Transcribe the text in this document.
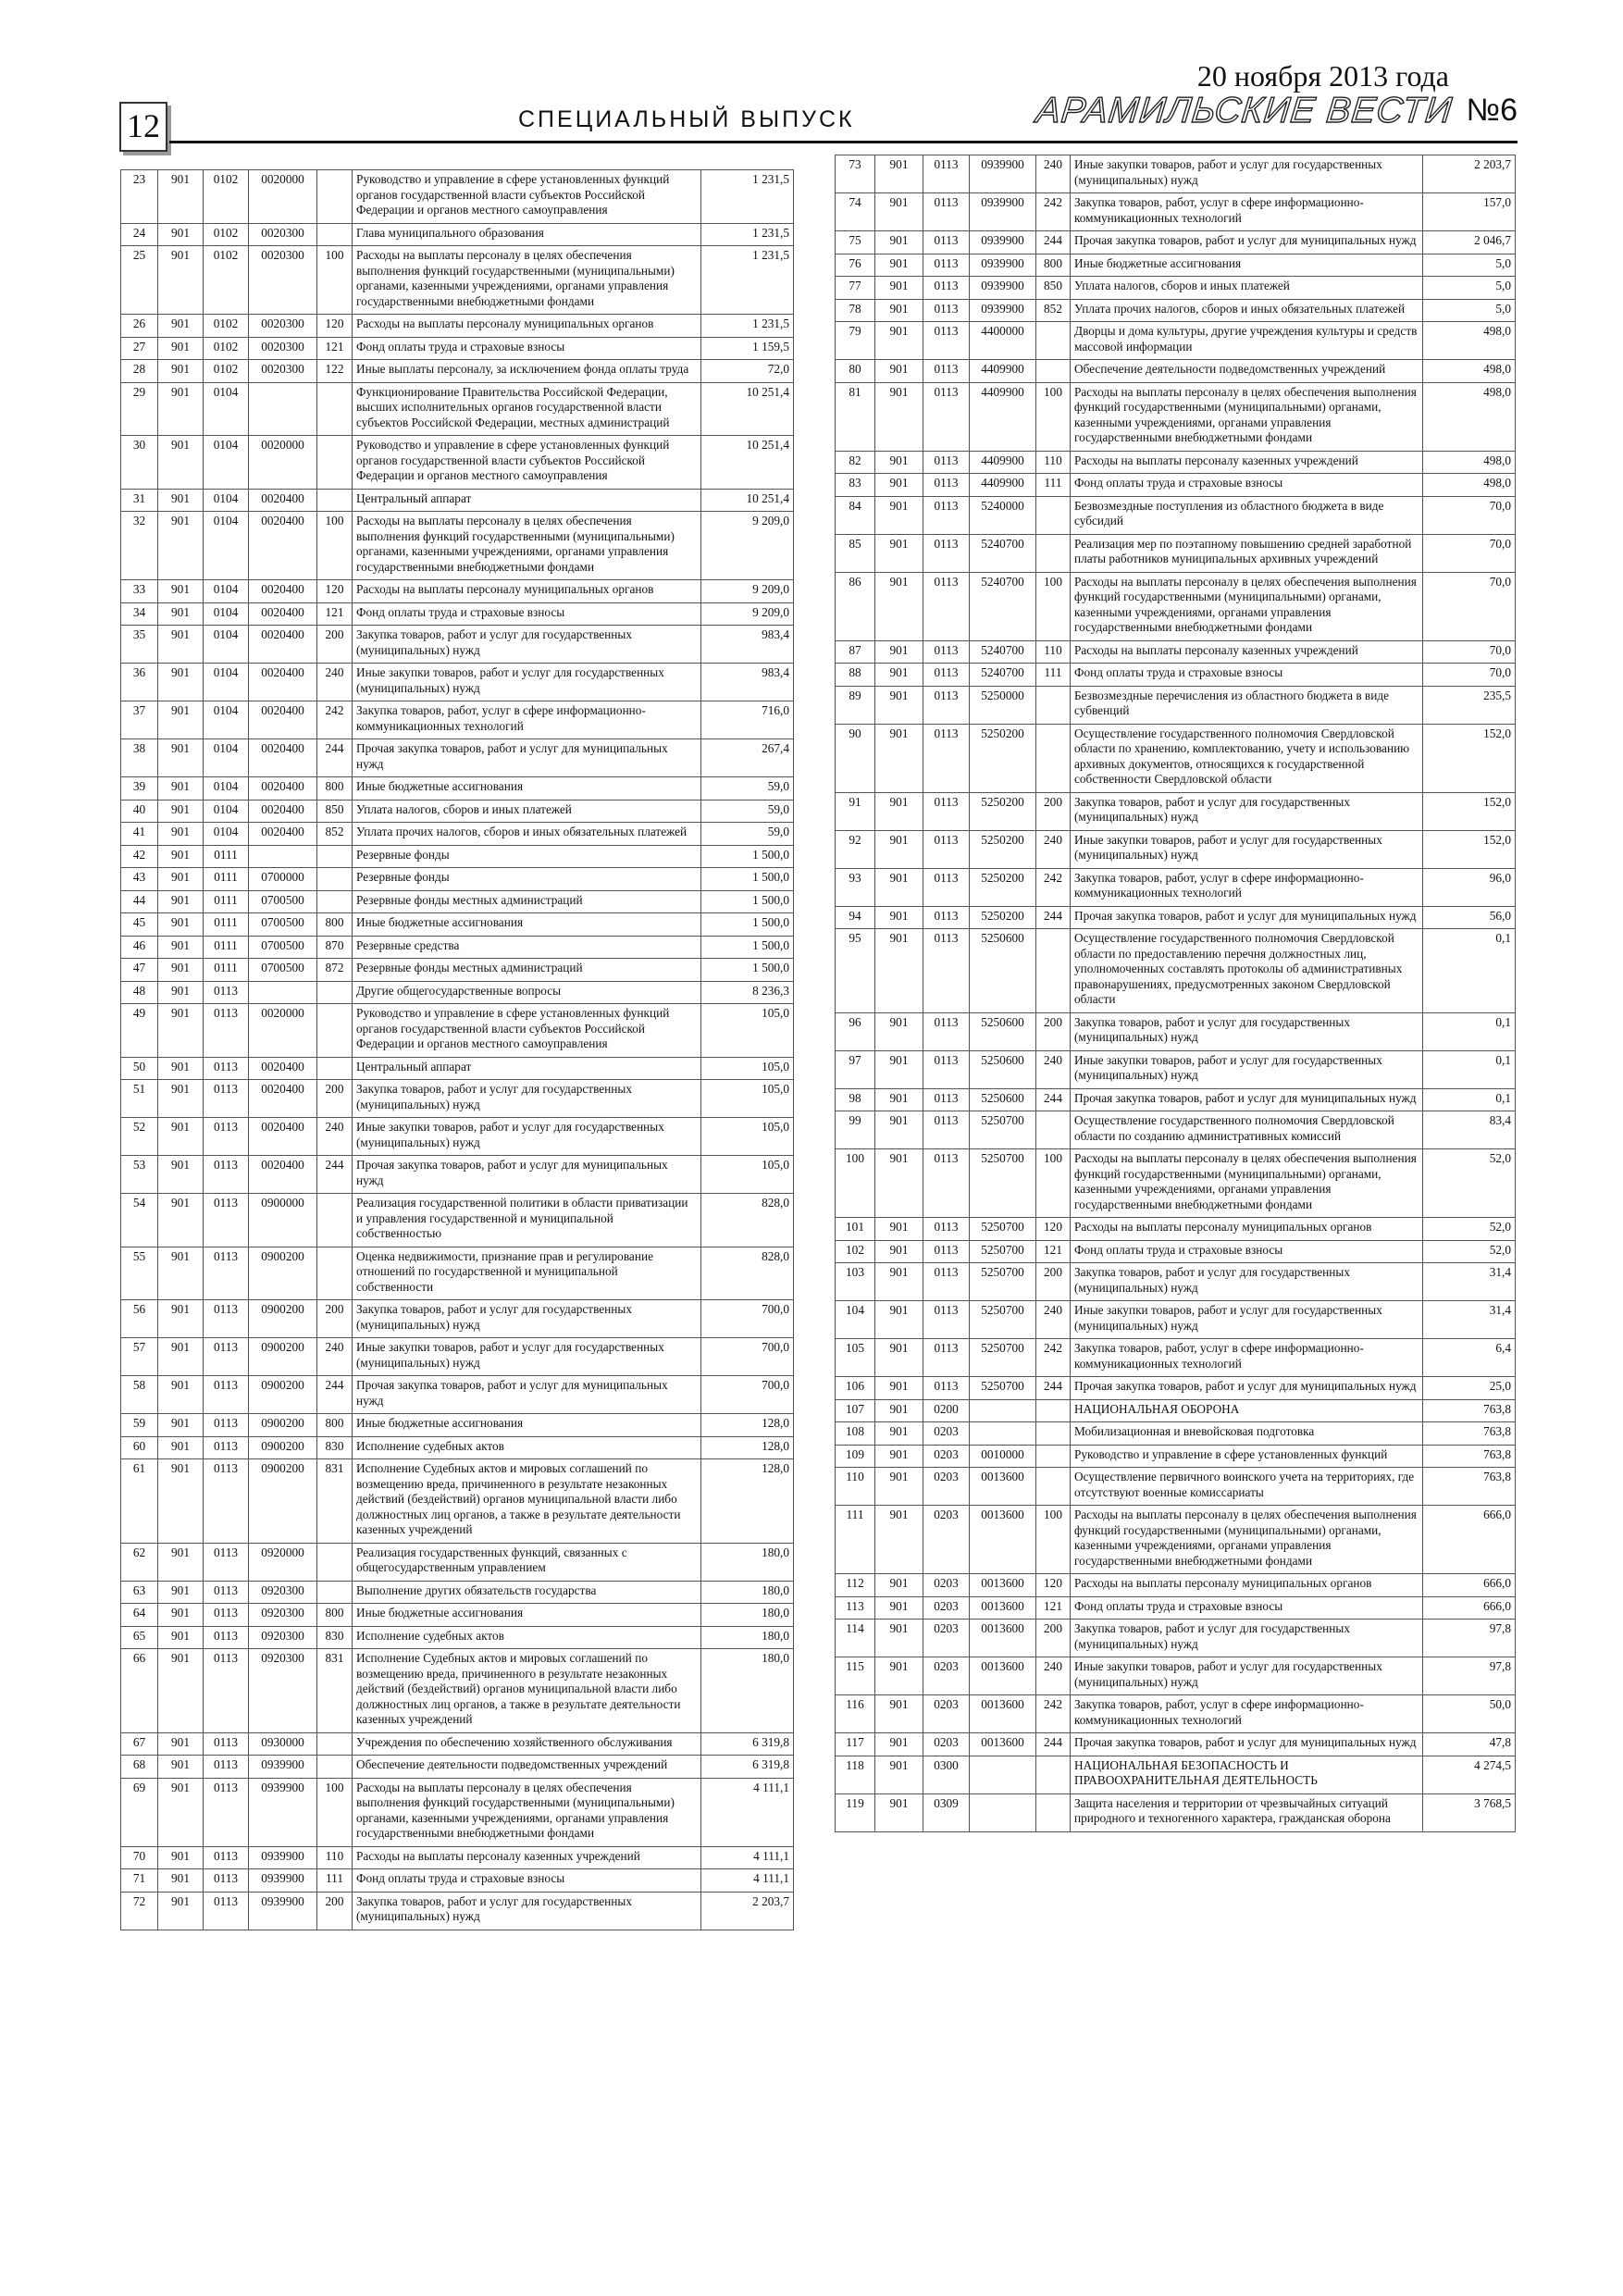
12	СПЕЦИАЛЬНЫЙ ВЫПУСК
20 ноября 2013 года
АРАМИЛЬСКИЕ ВЕСТИ №6
23	901	0102	0020000		Руководство и управление в сфере установленных функций органов государственной власти субъектов Российской Федерации и органов местного самоуправления	1 231,5
24	901	0102	0020300		Глава муниципального образования	1 231,5
25	901	0102	0020300	100	Расходы на выплаты персоналу в целях обеспечения выполнения функций государственными (муниципальными) органами, казенными учреждениями, органами управления государственными внебюджетными фондами	1 231,5
26	901	0102	0020300	120	Расходы на выплаты персоналу муниципальных органов	1 231,5
27	901	0102	0020300	121	Фонд оплаты труда и страховые взносы	1 159,5
28	901	0102	0020300	122	Иные выплаты персоналу, за исключением фонда оплаты труда	72,0
29	901	0104			Функционирование Правительства Российской Федерации, высших исполнительных органов государственной власти субъектов Российской Федерации, местных администраций	10 251,4
30	901	0104	0020000		Руководство и управление в сфере установленных функций органов государственной власти субъектов Российской Федерации и органов местного самоуправления	10 251,4
31	901	0104	0020400		Центральный аппарат	10 251,4
32	901	0104	0020400	100	Расходы на выплаты персоналу в целях обеспечения выполнения функций государственными (муниципальными) органами, казенными учреждениями, органами управления государственными внебюджетными фондами	9 209,0
33	901	0104	0020400	120	Расходы на выплаты персоналу муниципальных органов	9 209,0
34	901	0104	0020400	121	Фонд оплаты труда и страховые взносы	9 209,0
35	901	0104	0020400	200	Закупка товаров, работ и услуг для государственных (муниципальных) нужд	983,4
36	901	0104	0020400	240	Иные закупки товаров, работ и услуг для государственных (муниципальных) нужд	983,4
37	901	0104	0020400	242	Закупка товаров, работ, услуг в сфере информационно-коммуникационных технологий	716,0
38	901	0104	0020400	244	Прочая закупка товаров, работ и услуг для муниципальных нужд	267,4
39	901	0104	0020400	800	Иные бюджетные ассигнования	59,0
40	901	0104	0020400	850	Уплата налогов, сборов и иных платежей	59,0
41	901	0104	0020400	852	Уплата прочих налогов, сборов и иных обязательных платежей	59,0
42	901	0111			Резервные фонды	1 500,0
43	901	0111	0700000		Резервные фонды	1 500,0
44	901	0111	0700500		Резервные фонды местных администраций	1 500,0
45	901	0111	0700500	800	Иные бюджетные ассигнования	1 500,0
46	901	0111	0700500	870	Резервные средства	1 500,0
47	901	0111	0700500	872	Резервные фонды местных администраций	1 500,0
48	901	0113			Другие общегосударственные вопросы	8 236,3
49	901	0113	0020000		Руководство и управление в сфере установленных функций органов государственной власти субъектов Российской Федерации и органов местного самоуправления	105,0
50	901	0113	0020400		Центральный аппарат	105,0
51	901	0113	0020400	200	Закупка товаров, работ и услуг для государственных (муниципальных) нужд	105,0
52	901	0113	0020400	240	Иные закупки товаров, работ и услуг для государственных (муниципальных) нужд	105,0
53	901	0113	0020400	244	Прочая закупка товаров, работ и услуг для муниципальных нужд	105,0
54	901	0113	0900000		Реализация государственной политики в области приватизации и управления государственной и муниципальной собственностью	828,0
55	901	0113	0900200		Оценка недвижимости, признание прав и регулирование отношений по государственной и муниципальной собственности	828,0
56	901	0113	0900200	200	Закупка товаров, работ и услуг для государственных (муниципальных) нужд	700,0
57	901	0113	0900200	240	Иные закупки товаров, работ и услуг для государственных (муниципальных) нужд	700,0
58	901	0113	0900200	244	Прочая закупка товаров, работ и услуг для муниципальных нужд	700,0
59	901	0113	0900200	800	Иные бюджетные ассигнования	128,0
60	901	0113	0900200	830	Исполнение судебных актов	128,0
61	901	0113	0900200	831	Исполнение Судебных актов и мировых соглашений по возмещению вреда, причиненного в результате незаконных действий (бездействий) органов муниципальной власти либо должностных лиц органов, а также в результате деятельности казенных учреждений	128,0
62	901	0113	0920000		Реализация государственных функций, связанных с общегосударственным управлением	180,0
63	901	0113	0920300		Выполнение других обязательств государства	180,0
64	901	0113	0920300	800	Иные бюджетные ассигнования	180,0
65	901	0113	0920300	830	Исполнение судебных актов	180,0
66	901	0113	0920300	831	Исполнение Судебных актов и мировых соглашений по возмещению вреда, причиненного в результате незаконных действий (бездействий) органов муниципальной власти либо должностных лиц органов, а также в результате деятельности казенных учреждений	180,0
67	901	0113	0930000		Учреждения по обеспечению хозяйственного обслуживания	6 319,8
68	901	0113	0939900		Обеспечение деятельности подведомственных учреждений	6 319,8
69	901	0113	0939900	100	Расходы на выплаты персоналу в целях обеспечения выполнения функций государственными (муниципальными) органами, казенными учреждениями, органами управления государственными внебюджетными фондами	4 111,1
70	901	0113	0939900	110	Расходы на выплаты персоналу казенных учреждений	4 111,1
71	901	0113	0939900	111	Фонд оплаты труда и страховые взносы	4 111,1
72	901	0113	0939900	200	Закупка товаров, работ и услуг для государственных (муниципальных) нужд	2 203,7
73	901	0113	0939900	240	Иные закупки товаров, работ и услуг для государственных (муниципальных) нужд	2 203,7
74	901	0113	0939900	242	Закупка товаров, работ, услуг в сфере информационно-коммуникационных технологий	157,0
75	901	0113	0939900	244	Прочая закупка товаров, работ и услуг для муниципальных нужд	2 046,7
76	901	0113	0939900	800	Иные бюджетные ассигнования	5,0
77	901	0113	0939900	850	Уплата налогов, сборов и иных платежей	5,0
78	901	0113	0939900	852	Уплата прочих налогов, сборов и иных обязательных платежей	5,0
79	901	0113	4400000		Дворцы и дома культуры, другие учреждения культуры и средств массовой информации	498,0
80	901	0113	4409900		Обеспечение деятельности подведомственных учреждений	498,0
81	901	0113	4409900	100	Расходы на выплаты персоналу в целях обеспечения выполнения функций государственными (муниципальными) органами, казенными учреждениями, органами управления государственными внебюджетными фондами	498,0
82	901	0113	4409900	110	Расходы на выплаты персоналу казенных учреждений	498,0
83	901	0113	4409900	111	Фонд оплаты труда и страховые взносы	498,0
84	901	0113	5240000		Безвозмездные поступления из областного бюджета в виде субсидий	70,0
85	901	0113	5240700		Реализация мер по поэтапному повышению средней заработной платы работников муниципальных архивных учреждений	70,0
86	901	0113	5240700	100	Расходы на выплаты персоналу в целях обеспечения выполнения функций государственными (муниципальными) органами, казенными учреждениями, органами управления государственными внебюджетными фондами	70,0
87	901	0113	5240700	110	Расходы на выплаты персоналу казенных учреждений	70,0
88	901	0113	5240700	111	Фонд оплаты труда и страховые взносы	70,0
89	901	0113	5250000		Безвозмездные перечисления из областного бюджета в виде субвенций	235,5
90	901	0113	5250200		Осуществление государственного полномочия Свердловской области по хранению, комплектованию, учету и использованию архивных документов, относящихся к государственной собственности Свердловской области	152,0
91	901	0113	5250200	200	Закупка товаров, работ и услуг для государственных (муниципальных) нужд	152,0
92	901	0113	5250200	240	Иные закупки товаров, работ и услуг для государственных (муниципальных) нужд	152,0
93	901	0113	5250200	242	Закупка товаров, работ, услуг в сфере информационно-коммуникационных технологий	96,0
94	901	0113	5250200	244	Прочая закупка товаров, работ и услуг для муниципальных нужд	56,0
95	901	0113	5250600		Осуществление государственного полномочия Свердловской области по предоставлению перечня должностных лиц, уполномоченных составлять протоколы об административных правонарушениях, предусмотренных законом Свердловской области	0,1
96	901	0113	5250600	200	Закупка товаров, работ и услуг для государственных (муниципальных) нужд	0,1
97	901	0113	5250600	240	Иные закупки товаров, работ и услуг для государственных (муниципальных) нужд	0,1
98	901	0113	5250600	244	Прочая закупка товаров, работ и услуг для муниципальных нужд	0,1
99	901	0113	5250700		Осуществление государственного полномочия Свердловской области по созданию административных комиссий	83,4
100	901	0113	5250700	100	Расходы на выплаты персоналу в целях обеспечения выполнения функций государственными (муниципальными) органами, казенными учреждениями, органами управления государственными внебюджетными фондами	52,0
101	901	0113	5250700	120	Расходы на выплаты персоналу муниципальных органов	52,0
102	901	0113	5250700	121	Фонд оплаты труда и страховые взносы	52,0
103	901	0113	5250700	200	Закупка товаров, работ и услуг для государственных (муниципальных) нужд	31,4
104	901	0113	5250700	240	Иные закупки товаров, работ и услуг для государственных (муниципальных) нужд	31,4
105	901	0113	5250700	242	Закупка товаров, работ, услуг в сфере информационно-коммуникационных технологий	6,4
106	901	0113	5250700	244	Прочая закупка товаров, работ и услуг для муниципальных нужд	25,0
107	901	0200			НАЦИОНАЛЬНАЯ ОБОРОНА	763,8
108	901	0203			Мобилизационная и вневойсковая подготовка	763,8
109	901	0203	0010000		Руководство и управление в сфере установленных функций	763,8
110	901	0203	0013600		Осуществление первичного воинского учета на территориях, где отсутствуют военные комиссариаты	763,8
111	901	0203	0013600	100	Расходы на выплаты персоналу в целях обеспечения выполнения функций государственными (муниципальными) органами, казенными учреждениями, органами управления государственными внебюджетными фондами	666,0
112	901	0203	0013600	120	Расходы на выплаты персоналу муниципальных органов	666,0
113	901	0203	0013600	121	Фонд оплаты труда и страховые взносы	666,0
114	901	0203	0013600	200	Закупка товаров, работ и услуг для государственных (муниципальных) нужд	97,8
115	901	0203	0013600	240	Иные закупки товаров, работ и услуг для государственных (муниципальных) нужд	97,8
116	901	0203	0013600	242	Закупка товаров, работ, услуг в сфере информационно-коммуникационных технологий	50,0
117	901	0203	0013600	244	Прочая закупка товаров, работ и услуг для муниципальных нужд	47,8
118	901	0300			НАЦИОНАЛЬНАЯ БЕЗОПАСНОСТЬ И ПРАВООХРАНИТЕЛЬНАЯ ДЕЯТЕЛЬНОСТЬ	4 274,5
119	901	0309			Защита населения и территории от чрезвычайных ситуаций природного и техногенного характера, гражданская оборона	3 768,5
